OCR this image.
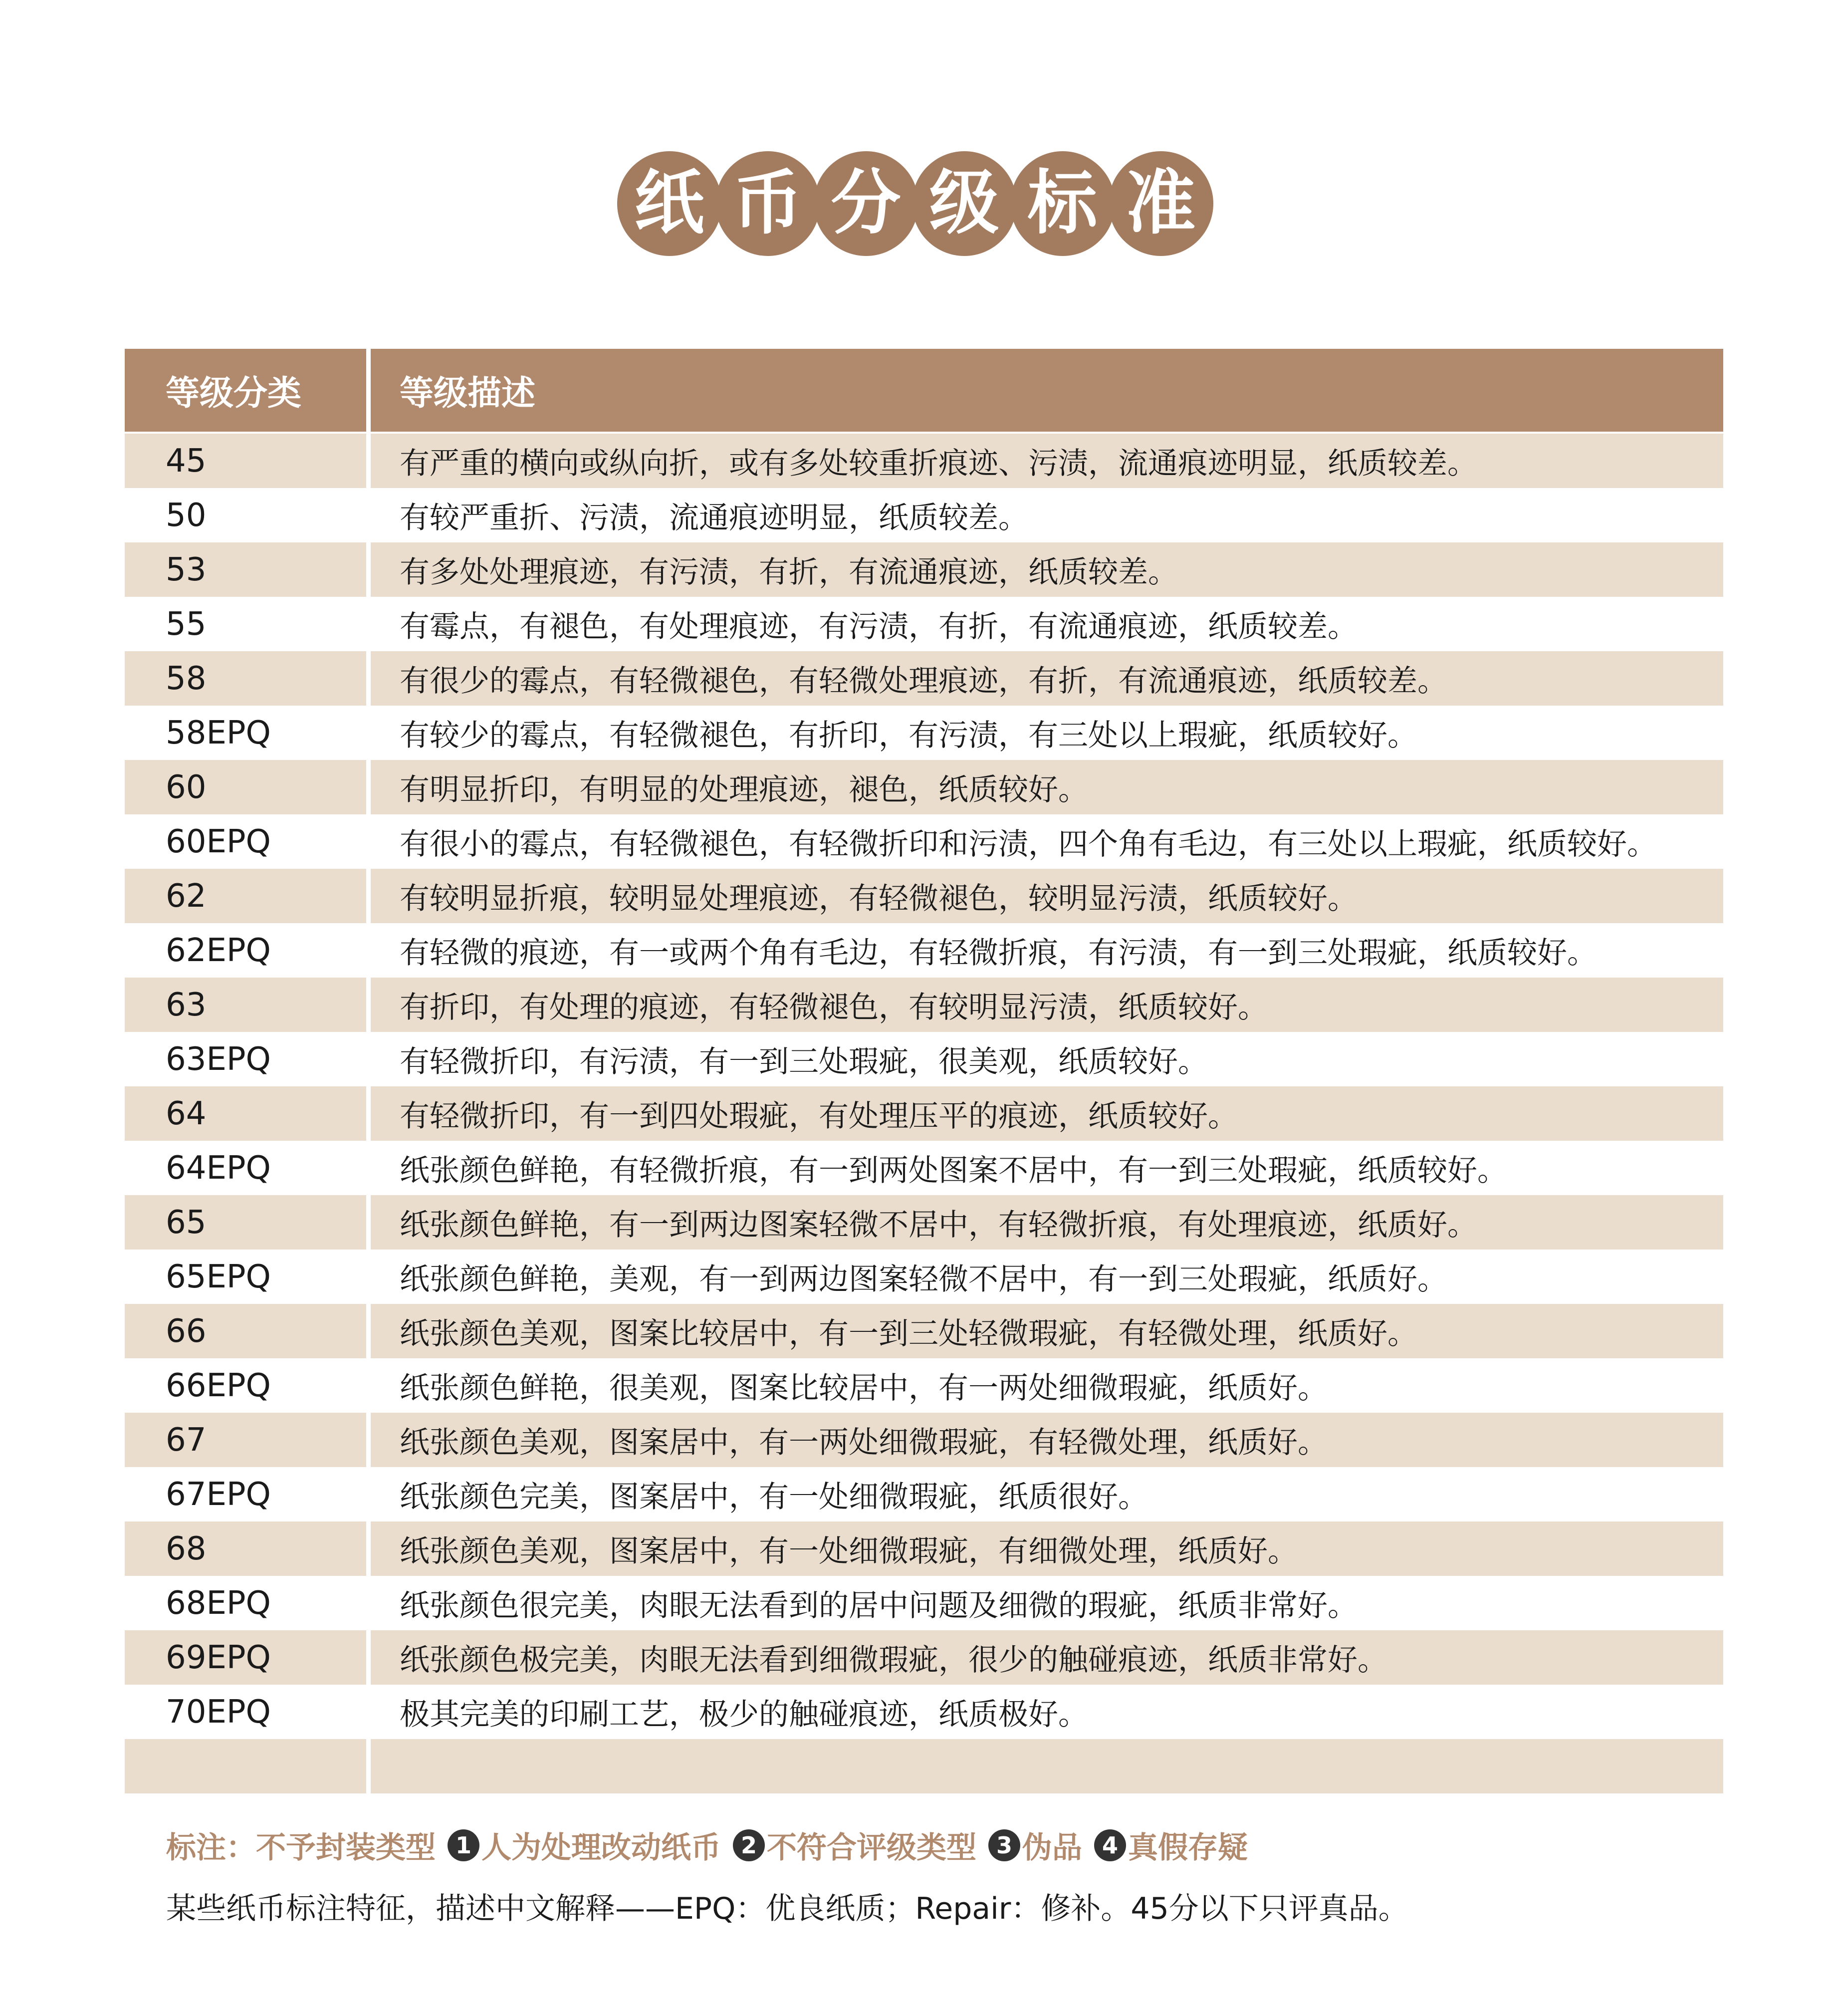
纸 币 分 级 标 准
等级分类	等级描述
45	有严重的横向或纵向折，或有多处较重折痕迹、污渍，流通痕迹明显，纸质较差。
50	有较严重折、污渍，流通痕迹明显，纸质较差。
53	有多处处理痕迹，有污渍，有折，有流通痕迹，纸质较差。
55	有霉点，有褪色，有处理痕迹，有污渍，有折，有流通痕迹，纸质较差。
58	有很少的霉点，有轻微褪色，有轻微处理痕迹，有折，有流通痕迹，纸质较差。
58EPQ	有较少的霉点，有轻微褪色，有折印，有污渍，有三处以上瑕疵，纸质较好。
60	有明显折印，有明显的处理痕迹，褪色，纸质较好。
60EPQ	有很小的霉点，有轻微褪色，有轻微折印和污渍，四个角有毛边，有三处以上瑕疵，纸质较好。
62	有较明显折痕，较明显处理痕迹，有轻微褪色，较明显污渍，纸质较好。
62EPQ	有轻微的痕迹，有一或两个角有毛边，有轻微折痕，有污渍，有一到三处瑕疵，纸质较好。
63	有折印，有处理的痕迹，有轻微褪色，有较明显污渍，纸质较好。
63EPQ	有轻微折印，有污渍，有一到三处瑕疵，很美观，纸质较好。
64	有轻微折印，有一到四处瑕疵，有处理压平的痕迹，纸质较好。
64EPQ	纸张颜色鲜艳，有轻微折痕，有一到两处图案不居中，有一到三处瑕疵，纸质较好。
65	纸张颜色鲜艳，有一到两边图案轻微不居中，有轻微折痕，有处理痕迹，纸质好。
65EPQ	纸张颜色鲜艳，美观，有一到两边图案轻微不居中，有一到三处瑕疵，纸质好。
66	纸张颜色美观，图案比较居中，有一到三处轻微瑕疵，有轻微处理，纸质好。
66EPQ	纸张颜色鲜艳，很美观，图案比较居中，有一两处细微瑕疵，纸质好。
67	纸张颜色美观，图案居中，有一两处细微瑕疵，有轻微处理，纸质好。
67EPQ	纸张颜色完美，图案居中，有一处细微瑕疵，纸质很好。
68	纸张颜色美观，图案居中，有一处细微瑕疵，有细微处理，纸质好。
68EPQ	纸张颜色很完美，肉眼无法看到的居中问题及细微的瑕疵，纸质非常好。
69EPQ	纸张颜色极完美，肉眼无法看到细微瑕疵，很少的触碰痕迹，纸质非常好。
70EPQ	极其完美的印刷工艺，极少的触碰痕迹，纸质极好。
标注：不予封装类型 1 人为处理改动纸币 2 不符合评级类型 3 伪品 4 真假存疑
某些纸币标注特征，描述中文解释——EPQ：优良纸质；Repair：修补。45分以下只评真品。
